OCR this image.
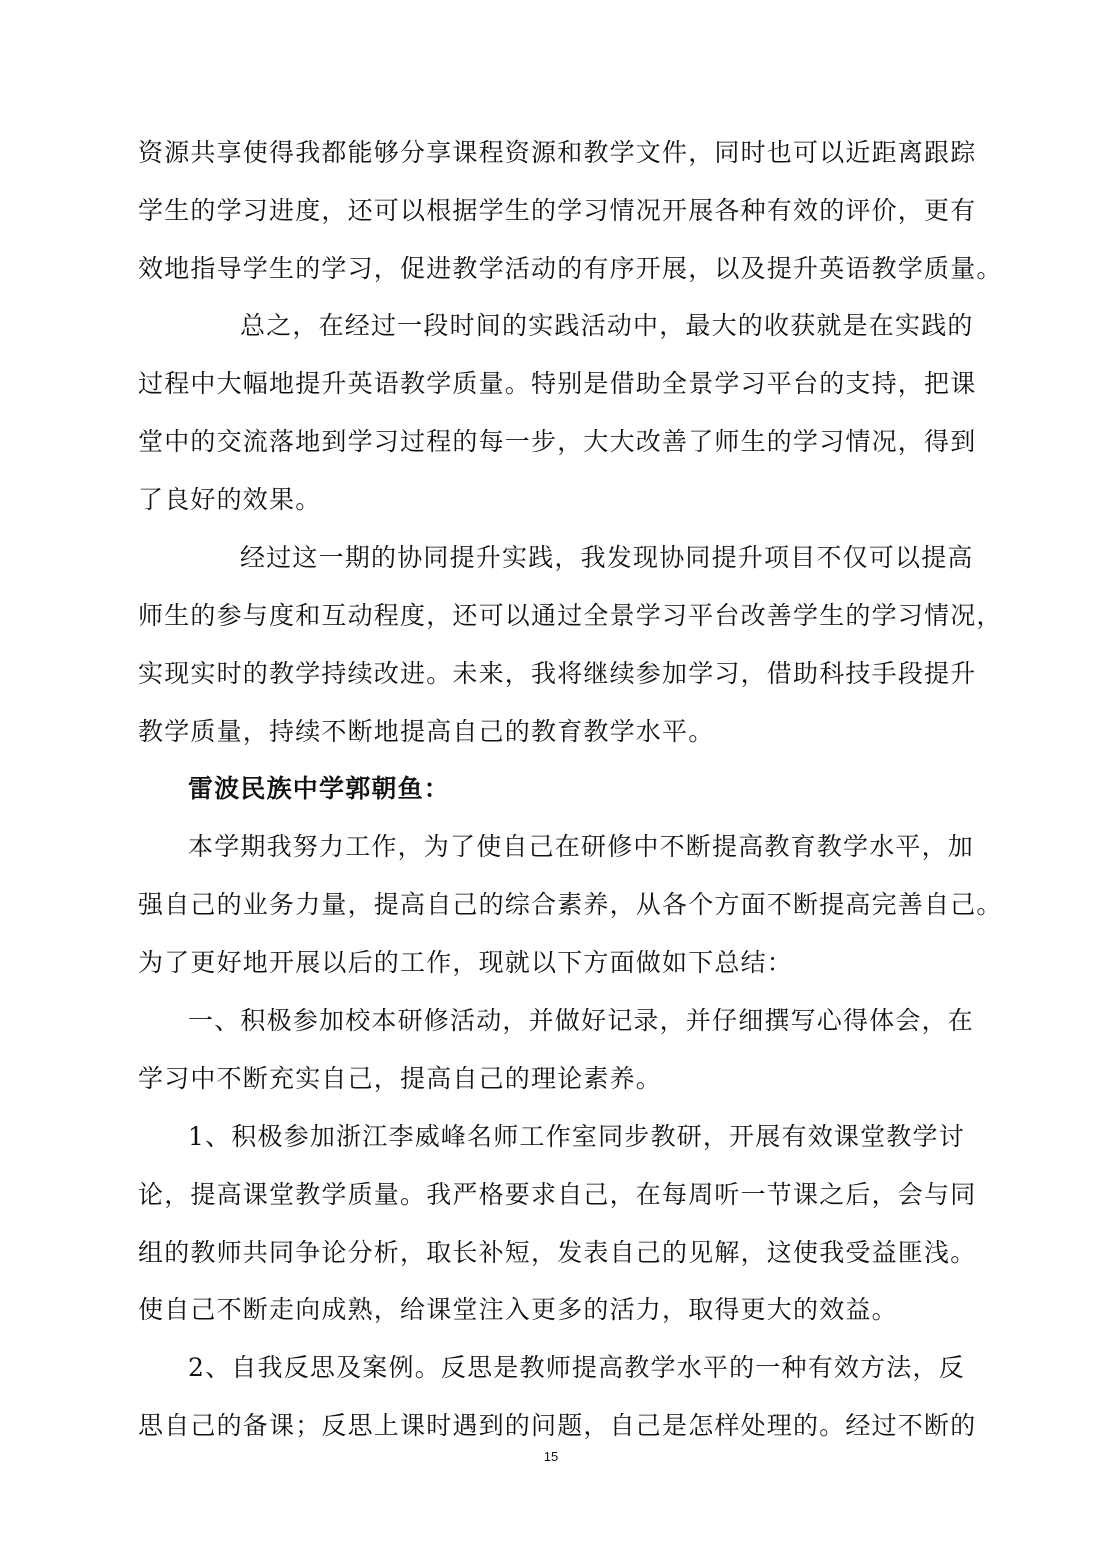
资源共享使得我都能够分享课程资源和教学文件，同时也可以近距离跟踪
学生的学习进度，还可以根据学生的学习情况开展各种有效的评价，更有
效地指导学生的学习，促进教学活动的有序开展，以及提升英语教学质量。
总之，在经过一段时间的实践活动中，最大的收获就是在实践的
过程中大幅地提升英语教学质量。特别是借助全景学习平台的支持，把课
堂中的交流落地到学习过程的每一步，大大改善了师生的学习情况，得到
了良好的效果。
经过这一期的协同提升实践，我发现协同提升项目不仅可以提高
师生的参与度和互动程度，还可以通过全景学习平台改善学生的学习情况，
实现实时的教学持续改进。未来，我将继续参加学习，借助科技手段提升
教学质量，持续不断地提高自己的教育教学水平。
雷波民族中学郭朝鱼：
本学期我努力工作，为了使自己在研修中不断提高教育教学水平，加
强自己的业务力量，提高自己的综合素养，从各个方面不断提高完善自己。
为了更好地开展以后的工作，现就以下方面做如下总结：
一、积极参加校本研修活动，并做好记录，并仔细撰写心得体会，在
学习中不断充实自己，提高自己的理论素养。
1、积极参加浙江李威峰名师工作室同步教研，开展有效课堂教学讨
论，提高课堂教学质量。我严格要求自己，在每周听一节课之后，会与同
组的教师共同争论分析，取长补短，发表自己的见解，这使我受益匪浅。
使自己不断走向成熟，给课堂注入更多的活力，取得更大的效益。
2、自我反思及案例。反思是教师提高教学水平的一种有效方法，反
思自己的备课；反思上课时遇到的问题，自己是怎样处理的。经过不断的
15
